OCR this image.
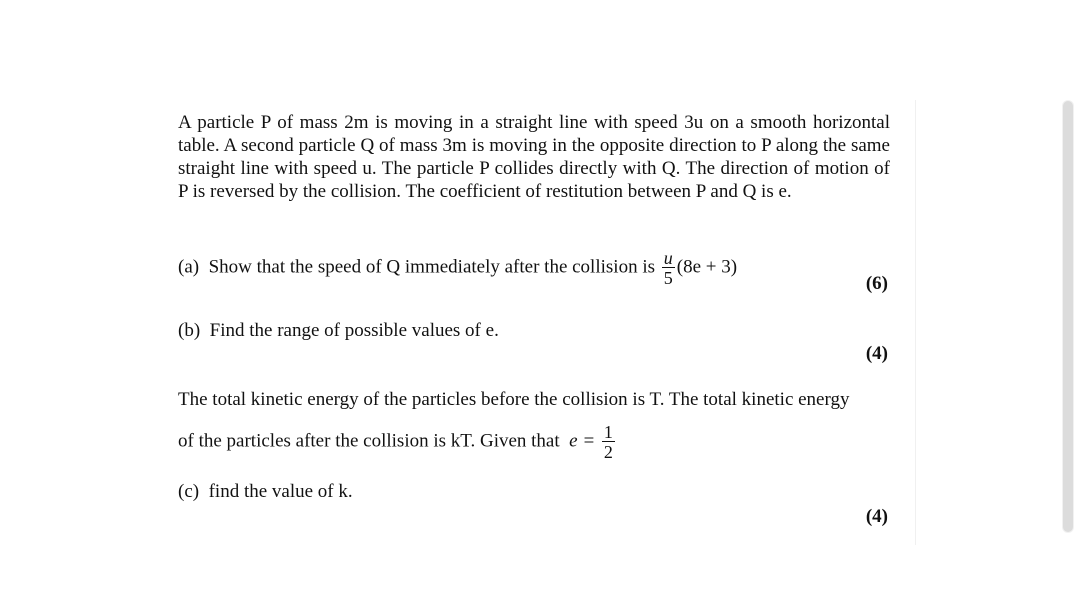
A particle P of mass 2m is moving in a straight line with speed 3u on a smooth horizontal table. A second particle Q of mass 3m is moving in the opposite direction to P along the same straight line with speed u. The particle P collides directly with Q. The direction of motion of P is reversed by the collision. The coefficient of restitution between P and Q is e.

(a) Show that the speed of Q immediately after the collision is $\frac{u}{5} (8e + 3)$
(6)
(b) Find the range of possible values of e.
(4)
The total kinetic energy of the particles before the collision is T. The total kinetic energy
of the particles after the collision is kT. Given that $e = \frac{1}{2}$
(c) find the value of k.
(4)
